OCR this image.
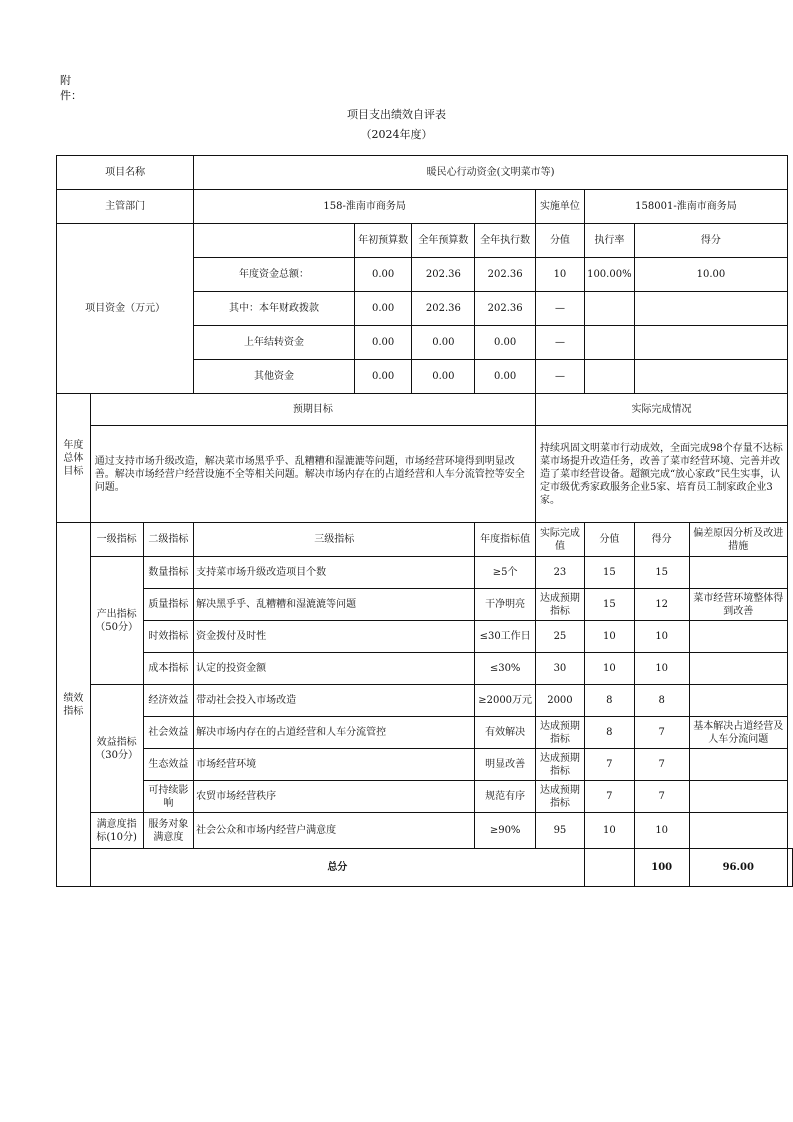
附件：
项目支出绩效自评表
（2024年度）
项目名称			暖民心行动资金(文明菜市等)								
主管部门			158-淮南市商务局				实施单位	158001-淮南市商务局			
项目资金（万元）				年初预算数	全年预算数	全年执行数	分值	执行率	得分		
			年度资金总额：	0.00	202.36	202.36	10	100.00%	10.00		
			其中：本年财政拨款	0.00	202.36	202.36	—				
			上年结转资金	0.00	0.00	0.00	—				
			其他资金	0.00	0.00	0.00	—				
年度总体目标	预期目标						实际完成情况				
	通过支持市场升级改造，解决菜市场黑乎乎、乱糟糟和湿漉漉等问题，市场经营环境得到明显改善。解决市场经营户经营设施不全等相关问题。解决市场内存在的占道经营和人车分流管控等安全问题。						持续巩固文明菜市行动成效，全面完成98个存量不达标菜市场提升改造任务，改善了菜市经营环境、完善并改造了菜市经营设备。超额完成“放心家政”民生实事，认定市级优秀家政服务企业5家、培育员工制家政企业3家。				
绩效指标	一级指标	二级指标	三级指标			年度指标值	实际完成值	分值	得分	偏差原因分析及改进措施	
	产出指标（50分）	数量指标	支持菜市场升级改造项目个数			≥5个	23	15	15		
		质量指标	解决黑乎乎、乱糟糟和湿漉漉等问题			干净明亮	达成预期指标	15	12	菜市经营环境整体得到改善	
		时效指标	资金拨付及时性			≤30工作日	25	10	10		
		成本指标	认定的投资金额			≤30%	30	10	10		
	效益指标（30分）	经济效益	带动社会投入市场改造			≥2000万元	2000	8	8		
		社会效益	解决市场内存在的占道经营和人车分流管控			有效解决	达成预期指标	8	7	基本解决占道经营及人车分流问题	
		生态效益	市场经营环境			明显改善	达成预期指标	7	7		
		可持续影响	农贸市场经营秩序			规范有序	达成预期指标	7	7		
	满意度指标(10分)	服务对象满意度	社会公众和市场内经营户满意度			≥90%	95	10	10		
	总分								100	96.00	
